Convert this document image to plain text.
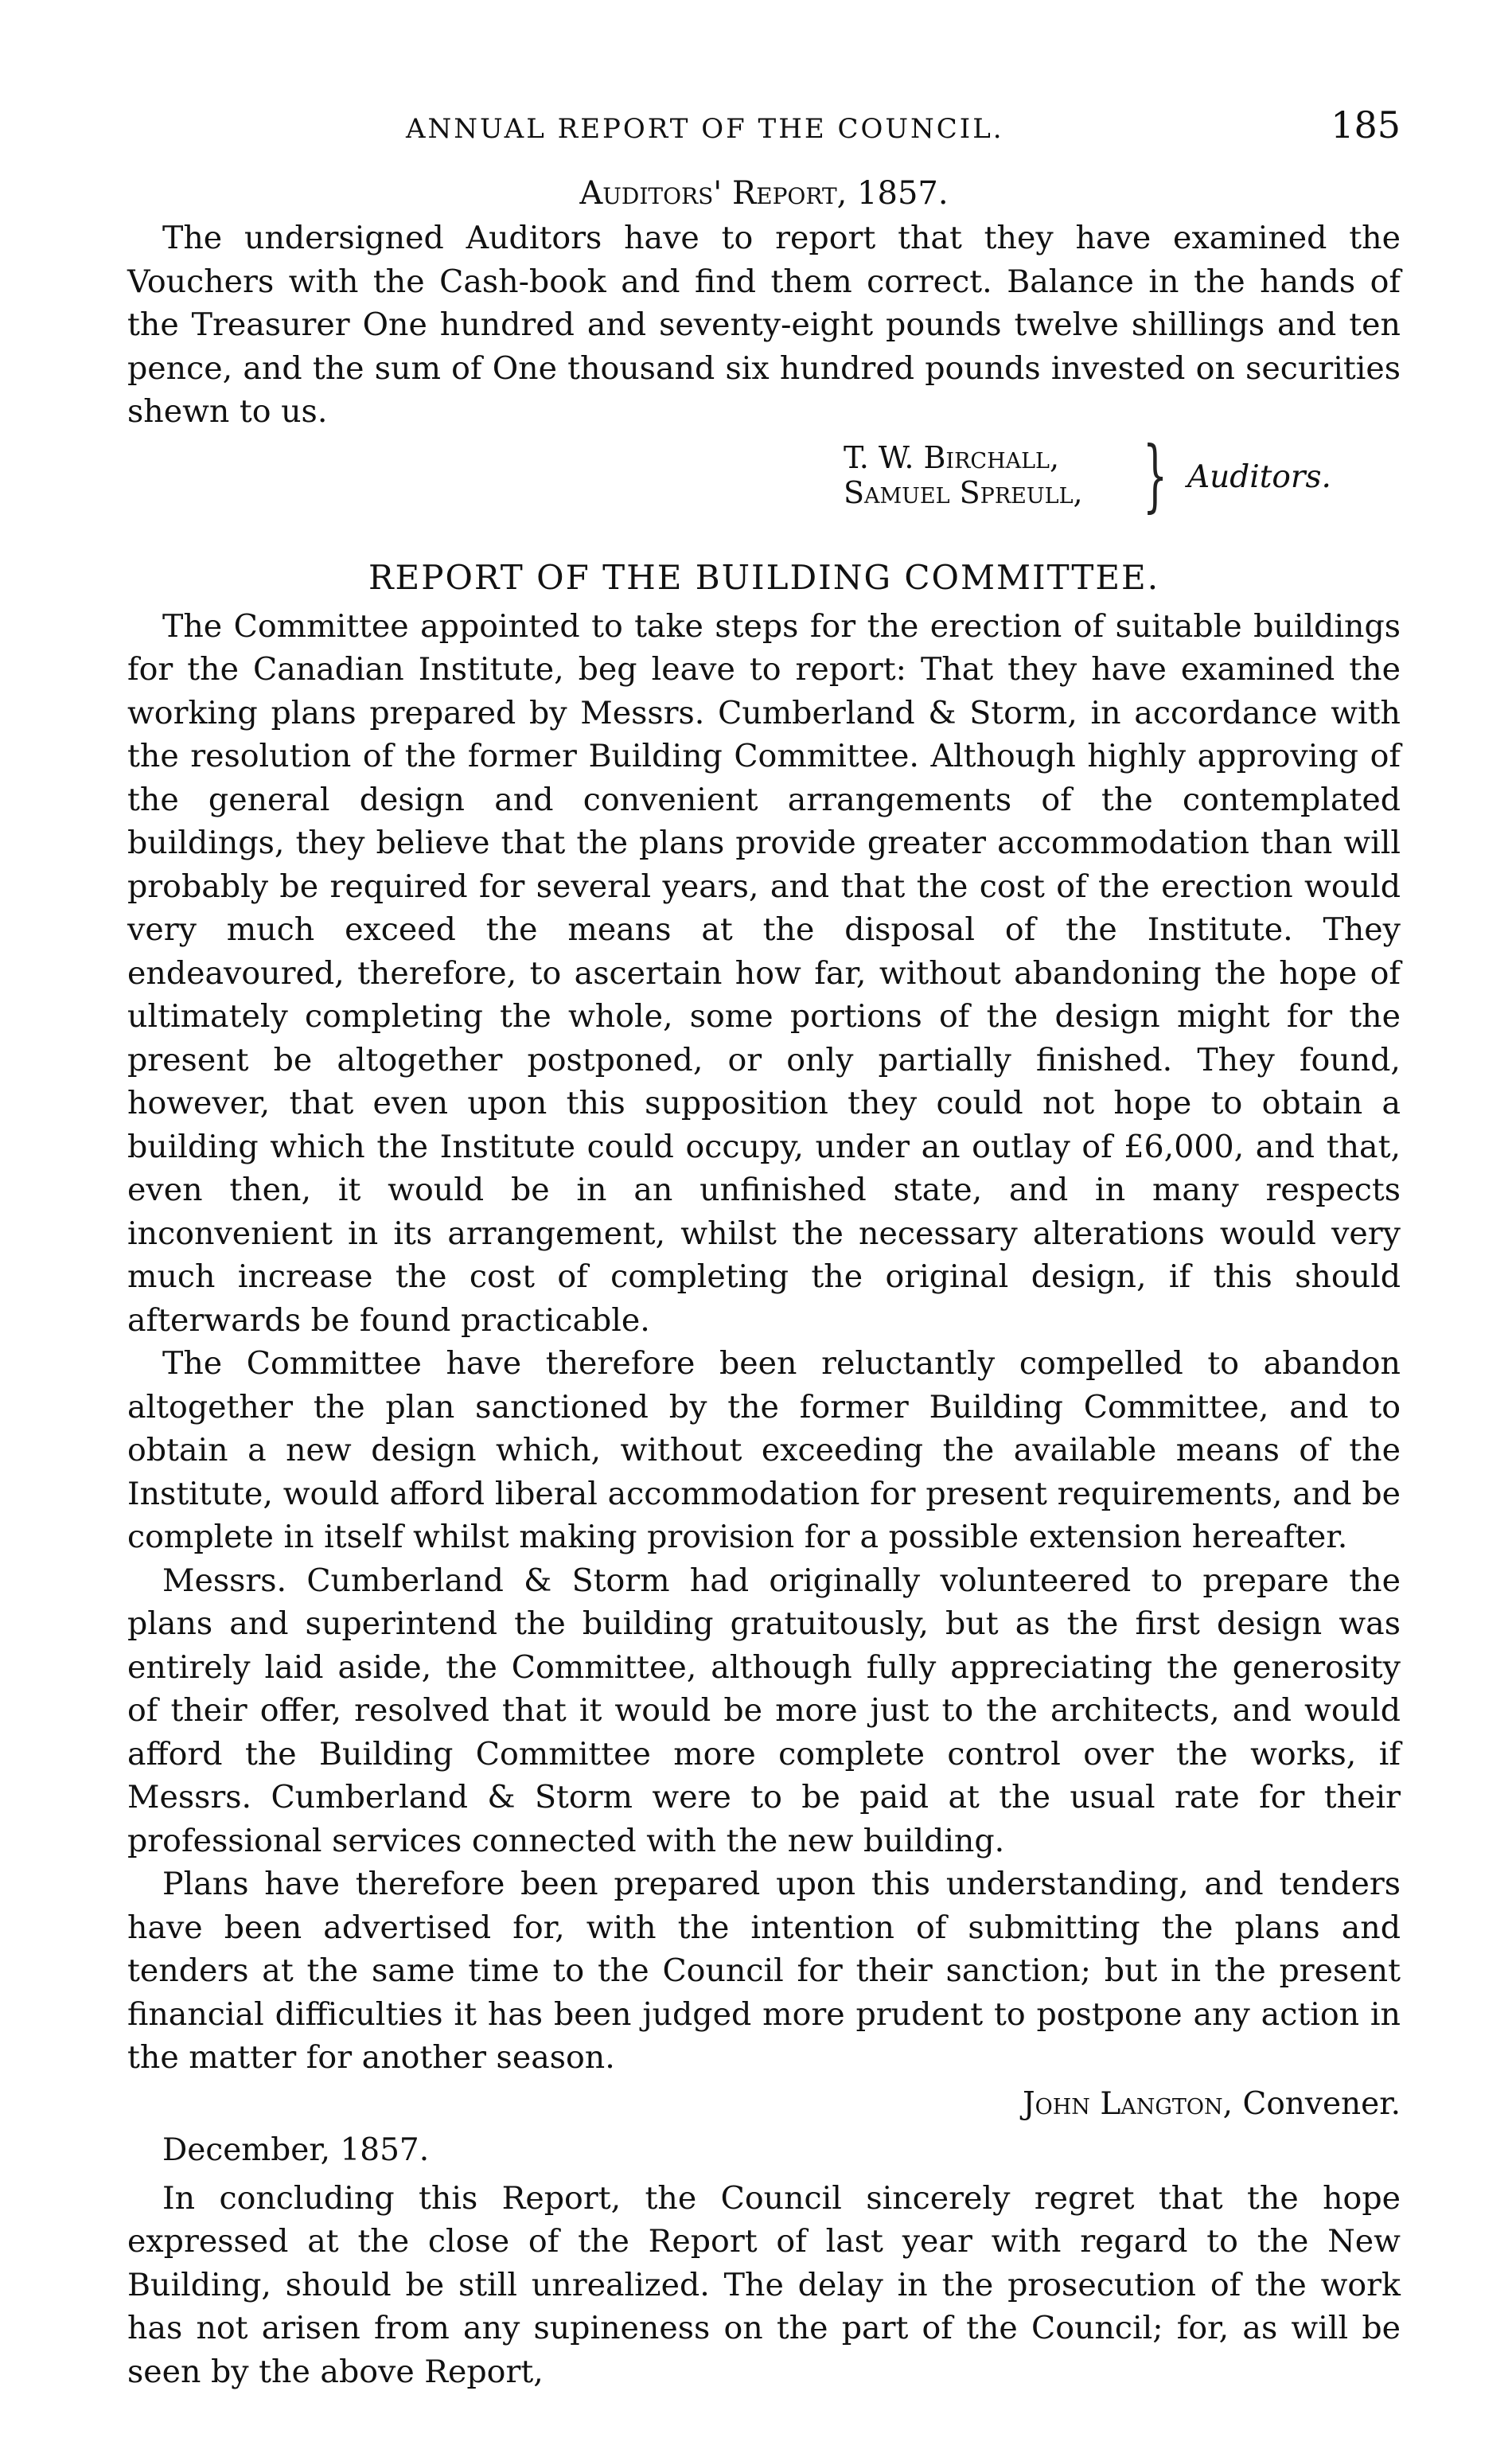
ANNUAL REPORT OF THE COUNCIL.	185
Auditors' Report, 1857.

The undersigned Auditors have to report that they have examined the Vouchers with the Cash-book and find them correct. Balance in the hands of the Treasurer One hundred and seventy-eight pounds twelve shillings and ten pence, and the sum of One thousand six hundred pounds invested on securities shewn to us.

T. W. Birchall,
Samuel Spreull, } Auditors.
REPORT OF THE BUILDING COMMITTEE.

The Committee appointed to take steps for the erection of suitable buildings for the Canadian Institute, beg leave to report: That they have examined the working plans prepared by Messrs. Cumberland & Storm, in accordance with the resolution of the former Building Committee. Although highly approving of the general design and convenient arrangements of the contemplated buildings, they believe that the plans provide greater accommodation than will probably be required for several years, and that the cost of the erection would very much exceed the means at the disposal of the Institute. They endeavoured, therefore, to ascertain how far, without abandoning the hope of ultimately completing the whole, some portions of the design might for the present be altogether postponed, or only partially finished. They found, however, that even upon this supposition they could not hope to obtain a building which the Institute could occupy, under an outlay of £6,000, and that, even then, it would be in an unfinished state, and in many respects inconvenient in its arrangement, whilst the necessary alterations would very much increase the cost of completing the original design, if this should afterwards be found practicable.

The Committee have therefore been reluctantly compelled to abandon altogether the plan sanctioned by the former Building Committee, and to obtain a new design which, without exceeding the available means of the Institute, would afford liberal accommodation for present requirements, and be complete in itself whilst making provision for a possible extension hereafter.

Messrs. Cumberland & Storm had originally volunteered to prepare the plans and superintend the building gratuitously, but as the first design was entirely laid aside, the Committee, although fully appreciating the generosity of their offer, resolved that it would be more just to the architects, and would afford the Building Committee more complete control over the works, if Messrs. Cumberland & Storm were to be paid at the usual rate for their professional services connected with the new building.

Plans have therefore been prepared upon this understanding, and tenders have been advertised for, with the intention of submitting the plans and tenders at the same time to the Council for their sanction; but in the present financial difficulties it has been judged more prudent to postpone any action in the matter for another season.

John Langton, Convener.
December, 1857.

In concluding this Report, the Council sincerely regret that the hope expressed at the close of the Report of last year with regard to the New Building, should be still unrealized. The delay in the prosecution of the work has not arisen from any supineness on the part of the Council; for, as will be seen by the above Report,
